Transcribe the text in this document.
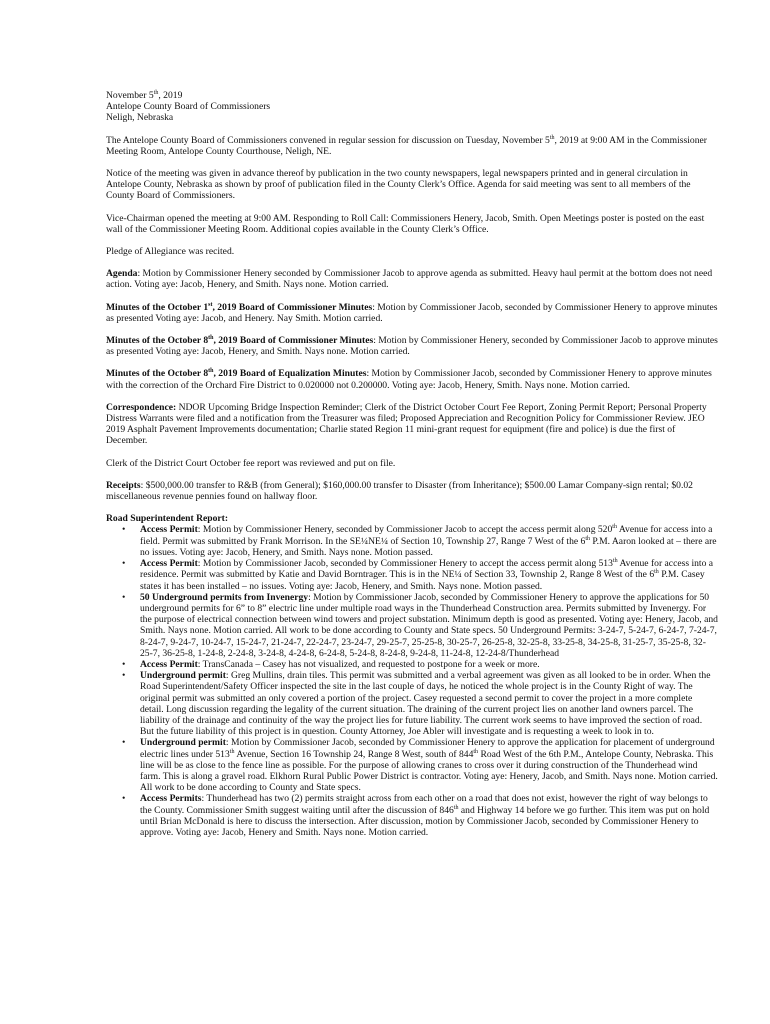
November 5th, 2019

Antelope County Board of Commissioners

Neligh, Nebraska

The Antelope County Board of Commissioners convened in regular session for discussion on Tuesday, November 5th, 2019 at 9:00 AM in the Commissioner Meeting Room, Antelope County Courthouse, Neligh, NE.

Notice of the meeting was given in advance thereof by publication in the two county newspapers, legal newspapers printed and in general circulation in Antelope County, Nebraska as shown by proof of publication filed in the County Clerk’s Office. Agenda for said meeting was sent to all members of the County Board of Commissioners.

Vice-Chairman opened the meeting at 9:00 AM. Responding to Roll Call: Commissioners Henery, Jacob, Smith. Open Meetings poster is posted on the east wall of the Commissioner Meeting Room. Additional copies available in the County Clerk’s Office.

Pledge of Allegiance was recited.

Agenda: Motion by Commissioner Henery seconded by Commissioner Jacob to approve agenda as submitted. Heavy haul permit at the bottom does not need action. Voting aye: Jacob, Henery, and Smith. Nays none. Motion carried.

Minutes of the October 1st, 2019 Board of Commissioner Minutes: Motion by Commissioner Jacob, seconded by Commissioner Henery to approve minutes as presented Voting aye: Jacob, and Henery. Nay Smith. Motion carried.

Minutes of the October 8th, 2019 Board of Commissioner Minutes: Motion by Commissioner Henery, seconded by Commissioner Jacob to approve minutes as presented Voting aye: Jacob, Henery, and Smith. Nays none. Motion carried.

Minutes of the October 8th, 2019 Board of Equalization Minutes: Motion by Commissioner Jacob, seconded by Commissioner Henery to approve minutes with the correction of the Orchard Fire District to 0.020000 not 0.200000. Voting aye: Jacob, Henery, Smith. Nays none. Motion carried.

Correspondence: NDOR Upcoming Bridge Inspection Reminder; Clerk of the District October Court Fee Report, Zoning Permit Report; Personal Property Distress Warrants were filed and a notification from the Treasurer was filed; Proposed Appreciation and Recognition Policy for Commissioner Review. JEO 2019 Asphalt Pavement Improvements documentation; Charlie stated Region 11 mini-grant request for equipment (fire and police) is due the first of December.

Clerk of the District Court October fee report was reviewed and put on file.

Receipts: $500,000.00 transfer to R&B (from General); $160,000.00 transfer to Disaster (from Inheritance); $500.00 Lamar Company-sign rental; $0.02 miscellaneous revenue pennies found on hallway floor.

Road Superintendent Report:

• Access Permit: Motion by Commissioner Henery, seconded by Commissioner Jacob to accept the access permit along 520th Avenue for access into a field. Permit was submitted by Frank Morrison. In the SE¼NE¼ of Section 10, Township 27, Range 7 West of the 6th P.M. Aaron looked at – there are no issues. Voting aye: Jacob, Henery, and Smith. Nays none. Motion passed.
• Access Permit: Motion by Commissioner Jacob, seconded by Commissioner Henery to accept the access permit along 513th Avenue for access into a residence. Permit was submitted by Katie and David Borntrager. This is in the NE¼ of Section 33, Township 2, Range 8 West of the 6th P.M. Casey states it has been installed – no issues. Voting aye: Jacob, Henery, and Smith. Nays none. Motion passed.
• 50 Underground permits from Invenergy: Motion by Commissioner Jacob, seconded by Commissioner Henery to approve the applications for 50 underground permits for 6” to 8” electric line under multiple road ways in the Thunderhead Construction area. Permits submitted by Invenergy. For the purpose of electrical connection between wind towers and project substation. Minimum depth is good as presented. Voting aye: Henery, Jacob, and Smith. Nays none. Motion carried. All work to be done according to County and State specs. 50 Underground Permits: 3-24-7, 5-24-7, 6-24-7, 7-24-7, 8-24-7, 9-24-7, 10-24-7, 15-24-7, 21-24-7, 22-24-7, 23-24-7, 29-25-7, 25-25-8, 30-25-7, 26-25-8, 32-25-8, 33-25-8, 34-25-8, 31-25-7, 35-25-8, 32-25-7, 36-25-8, 1-24-8, 2-24-8, 3-24-8, 4-24-8, 6-24-8, 5-24-8, 8-24-8, 9-24-8, 11-24-8, 12-24-8/Thunderhead
• Access Permit: TransCanada – Casey has not visualized, and requested to postpone for a week or more.
• Underground permit: Greg Mullins, drain tiles. This permit was submitted and a verbal agreement was given as all looked to be in order. When the Road Superintendent/Safety Officer inspected the site in the last couple of days, he noticed the whole project is in the County Right of way. The original permit was submitted an only covered a portion of the project. Casey requested a second permit to cover the project in a more complete detail. Long discussion regarding the legality of the current situation. The draining of the current project lies on another land owners parcel. The liability of the drainage and continuity of the way the project lies for future liability. The current work seems to have improved the section of road. But the future liability of this project is in question. County Attorney, Joe Abler will investigate and is requesting a week to look in to.
• Underground permit: Motion by Commissioner Jacob, seconded by Commissioner Henery to approve the application for placement of underground electric lines under 513th Avenue, Section 16 Township 24, Range 8 West, south of 844th Road West of the 6th P.M., Antelope County, Nebraska. This line will be as close to the fence line as possible. For the purpose of allowing cranes to cross over it during construction of the Thunderhead wind farm. This is along a gravel road. Elkhorn Rural Public Power District is contractor. Voting aye: Henery, Jacob, and Smith. Nays none. Motion carried. All work to be done according to County and State specs.
• Access Permits: Thunderhead has two (2) permits straight across from each other on a road that does not exist, however the right of way belongs to the County. Commissioner Smith suggest waiting until after the discussion of 846th and Highway 14 before we go further. This item was put on hold until Brian McDonald is here to discuss the intersection. After discussion, motion by Commissioner Jacob, seconded by Commissioner Henery to approve. Voting aye: Jacob, Henery and Smith. Nays none. Motion carried.
